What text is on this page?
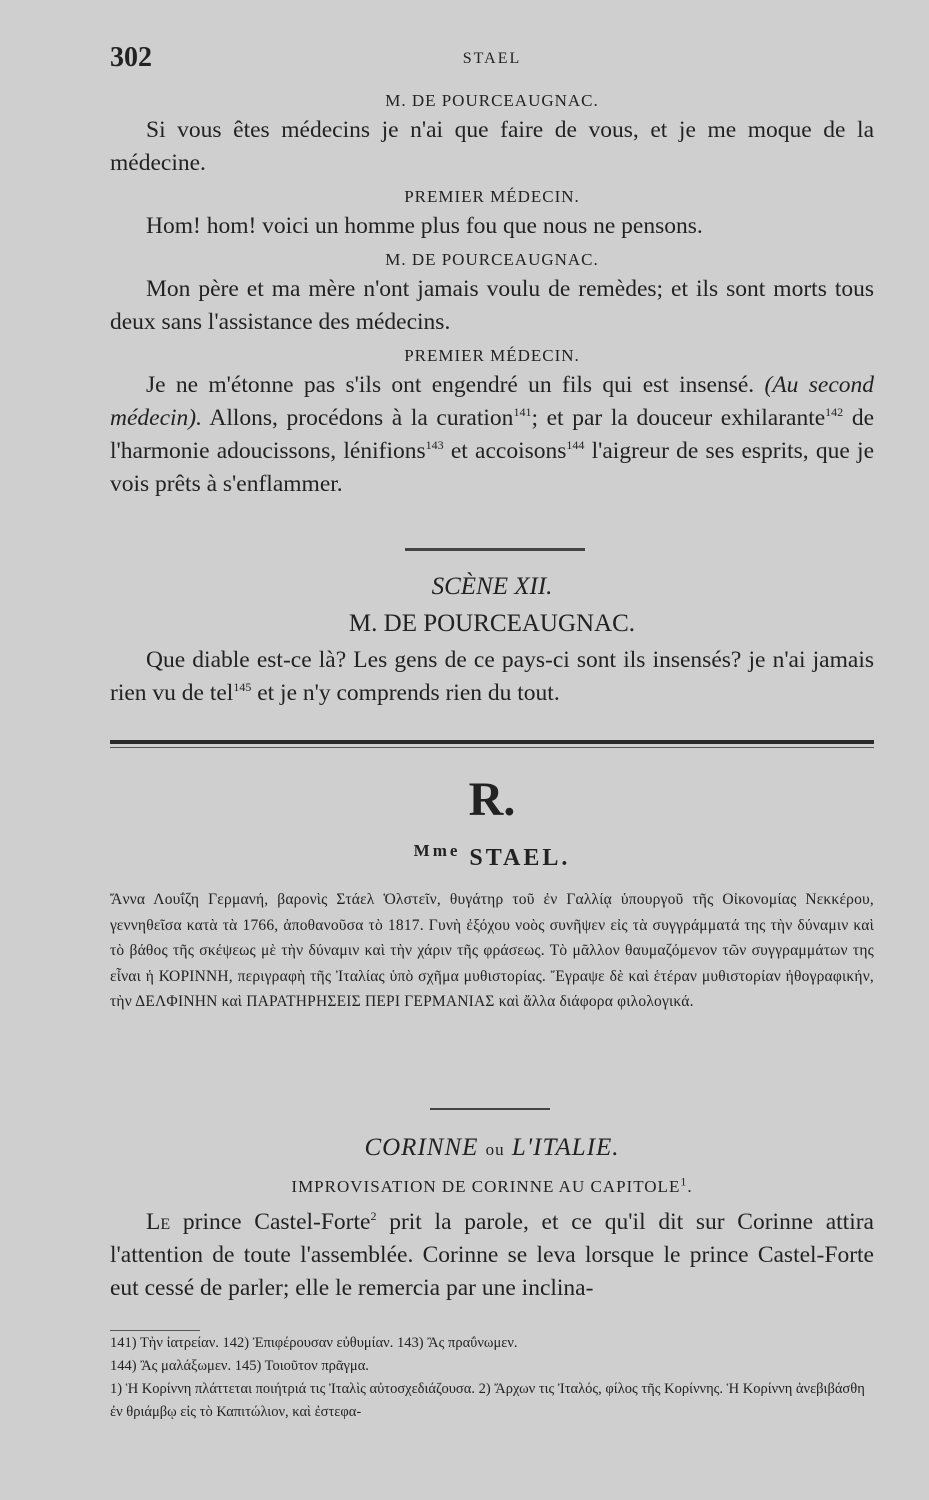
302	STAEL

M. DE POURCEAUGNAC.

Si vous êtes médecins je n'ai que faire de vous, et je me moque de la médecine.

PREMIER MÉDECIN.

Hom! hom! voici un homme plus fou que nous ne pensons.

M. DE POURCEAUGNAC.

Mon père et ma mère n'ont jamais voulu de remèdes; et ils sont morts tous deux sans l'assistance des médecins.

PREMIER MÉDECIN.

Je ne m'étonne pas s'ils ont engendré un fils qui est insensé. (Au second médecin). Allons, procédons à la curation$^{141}$; et par la douceur exhilarante$^{142}$ de l'harmonie adoucissons, lénifions$^{143}$ et accoisons$^{144}$ l'aigreur de ses esprits, que je vois prêts à s'enflammer.

SCÈNE XII.

M. DE POURCEAUGNAC.

Que diable est-ce là? Les gens de ce pays-ci sont ils insensés? je n'ai jamais rien vu de tel$^{145}$ et je n'y comprends rien du tout.

R.

$^{Mme}$ STAEL.

Ἄννα Λουΐζη Γερμανή, βαρονὶς Στάελ Ὁλστεῖν, θυγάτηρ τοῦ ἐν Γαλλίᾳ ὑπουργοῦ τῆς Οἰκονομίας Νεκκέρου, γεννηθεῖσα κατὰ τὰ 1766, ἀποθανοῦσα τὸ 1817. Γυνὴ ἐξόχου νοὸς συνῆψεν εἰς τὰ συγγράμματά της τὴν δύναμιν καὶ τὸ βάθος τῆς σκέψεως μὲ τὴν δύναμιν καὶ τὴν χάριν τῆς φράσεως. Τὸ μᾶλλον θαυμαζόμενον τῶν συγγραμμάτων της εἶναι ἡ ΚΟΡΙΝΝΗ, περιγραφὴ τῆς Ἰταλίας ὑπὸ σχῆμα μυθιστορίας. Ἔγραψε δὲ καὶ ἑτέραν μυθιστορίαν ἠθογραφικήν, τὴν ΔΕΛΦΙΝΗΝ καὶ ΠΑΡΑΤΗΡΗΣΕΙΣ ΠΕΡΙ ΓΕΡΜΑΝΙΑΣ καὶ ἄλλα διάφορα φιλολογικά.

CORINNE ou L'ITALIE.

IMPROVISATION DE CORINNE AU CAPITOLE$^1$.

Le prince Castel-Forte$^2$ prit la parole, et ce qu'il dit sur Corinne attira l'attention de toute l'assemblée. Corinne se leva lorsque le prince Castel-Forte eut cessé de parler; elle le remercia par une inclina-

141) Τὴν ἰατρείαν. 142) Ἐπιφέρουσαν εὐθυμίαν. 143) Ἂς πραΰνωμεν.

144) Ἂς μαλάξωμεν. 145) Τοιοῦτον πρᾶγμα.

1) Ἡ Κορίννη πλάττεται ποιήτριά τις Ἰταλὶς αὐτοσχεδιάζουσα. 2) Ἄρχων τις Ἰταλός, φίλος τῆς Κορίννης. Ἡ Κορίννη ἀνεβιβάσθη ἐν θριάμβῳ εἰς τὸ Καπιτώλιον, καὶ ἐστεφα-
